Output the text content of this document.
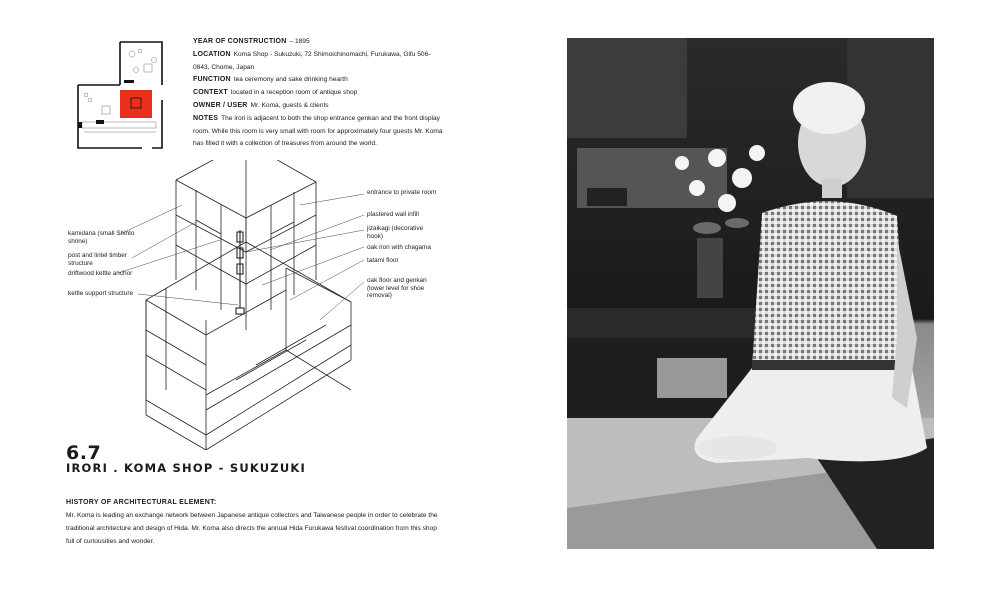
YEAR OF CONSTRUCTION – 1895

LOCATION Koma Shop - Sukuzuki, 72 Shimoichinomachi, Furukawa, Gifu 506-0843, Chome, Japan

FUNCTION tea ceremony and sake drinking hearth

CONTEXT located in a reception room of antique shop

OWNER / USER Mr. Koma, guests & clients

NOTES The irori is adjacent to both the shop entrance genkan and the front display room. While this room is very small with room for approximately four guests Mr. Koma has filled it with a collection of treasures from around the world.

kamidana (small Shinto shrine)
post and lintel timber structure
driftwood kettle anchor
kettle support structure
entrance to private room
plastered wall infill
jizaikagi (decorative hook)
oak irori with chagama
tatami floor
oak floor and genkan (lower level for shoe removal)
6.7
IRORI . KOMA SHOP - SUKUZUKI
HISTORY OF ARCHITECTURAL ELEMENT:
Mr. Koma is leading an exchange network between Japanese antique collectors and Taiwanese people in order to celebrate the traditional architecture and design of Hida. Mr. Koma also directs the annual Hida Furukawa festival coordination from this shop full of curiousities and wonder.
